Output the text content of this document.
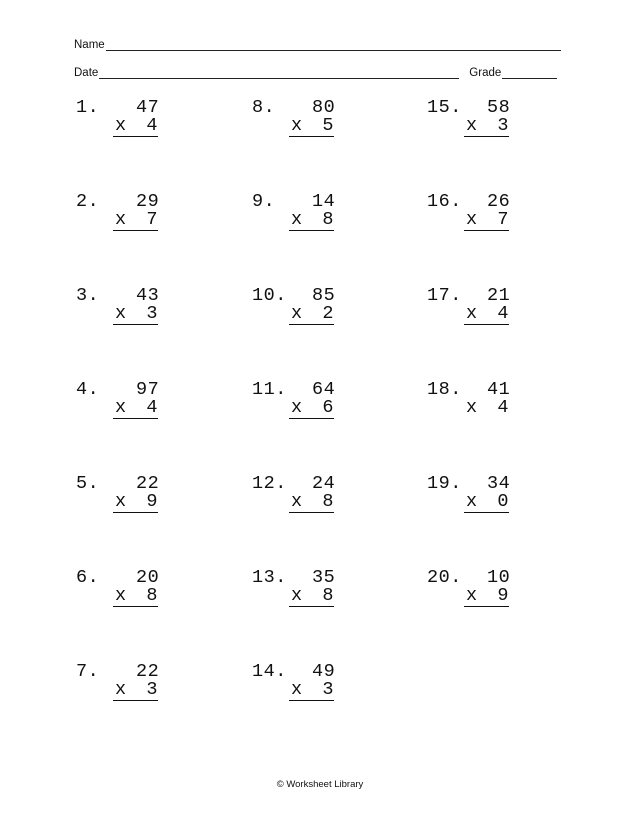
Name
Date	Grade
1. 47
x 4
2. 29
x 7
3. 43
x 3
4. 97
x 4
5. 22
x 9
6. 20
x 8
7. 22
x 3
8. 80
x 5
9. 14
x 8
10. 85
x 2
11. 64
x 6
12. 24
x 8
13. 35
x 8
14. 49
x 3
15. 58
x 3
16. 26
x 7
17. 21
x 4
18. 41
x 4
19. 34
x 0
20. 10
x 9
© Worksheet Library
